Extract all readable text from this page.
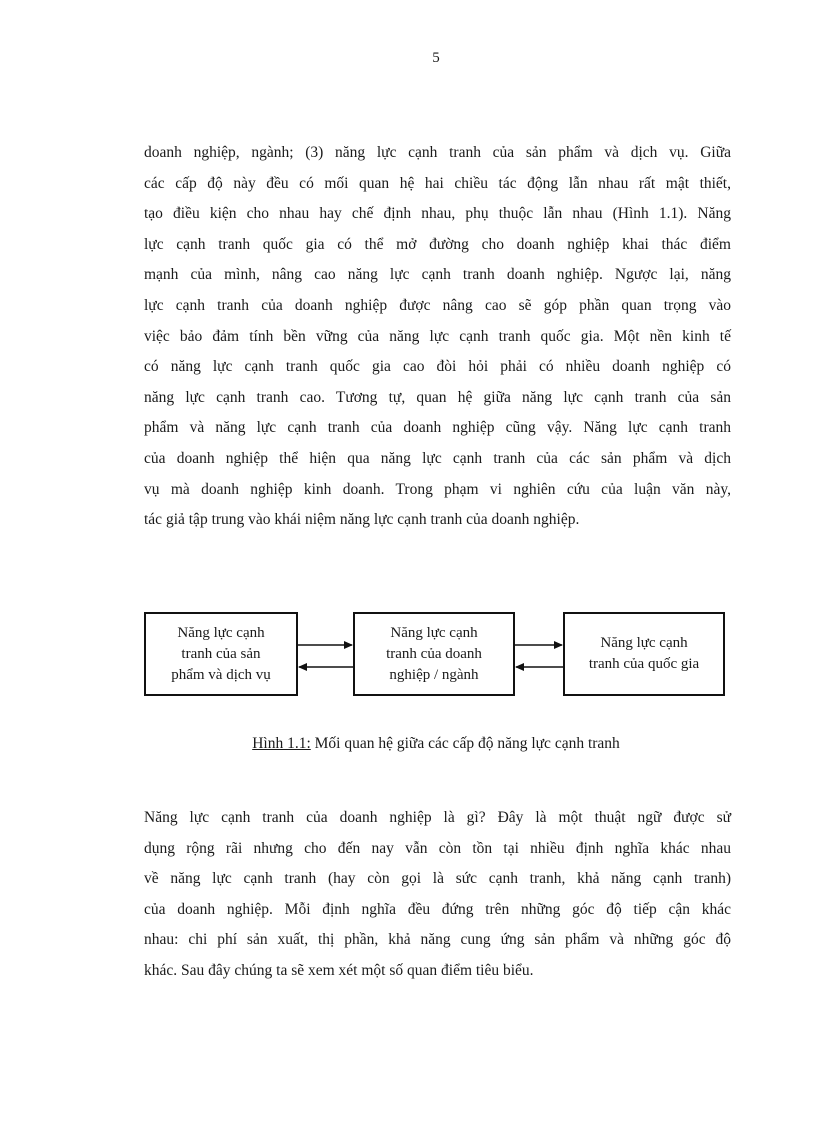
5
doanh nghiệp, ngành; (3) năng lực cạnh tranh của sản phẩm và dịch vụ. Giữa
các cấp độ này đều có mối quan hệ hai chiều tác động lẫn nhau rất mật thiết,
tạo điều kiện cho nhau hay chế định nhau, phụ thuộc lẫn nhau (Hình 1.1). Năng
lực cạnh tranh quốc gia có thể mở đường cho doanh nghiệp khai thác điểm
mạnh của mình, nâng cao năng lực cạnh tranh doanh nghiệp. Ngược lại, năng
lực cạnh tranh của doanh nghiệp được nâng cao sẽ góp phần quan trọng vào
việc bảo đảm tính bền vững của năng lực cạnh tranh quốc gia. Một nền kinh tế
có năng lực cạnh tranh quốc gia cao đòi hỏi phải có nhiều doanh nghiệp có
năng lực cạnh tranh cao. Tương tự, quan hệ giữa năng lực cạnh tranh của sản
phẩm và năng lực cạnh tranh của doanh nghiệp cũng vậy. Năng lực cạnh tranh
của doanh nghiệp thể hiện qua năng lực cạnh tranh của các sản phẩm và dịch
vụ mà doanh nghiệp kinh doanh. Trong phạm vi nghiên cứu của luận văn này,
tác giả tập trung vào khái niệm năng lực cạnh tranh của doanh nghiệp.
Năng lực cạnh
tranh của sản
phẩm và dịch vụ
Năng lực cạnh
tranh của doanh
nghiệp / ngành
Năng lực cạnh
tranh của quốc gia
Hình 1.1: Mối quan hệ giữa các cấp độ năng lực cạnh tranh
Năng lực cạnh tranh của doanh nghiệp là gì? Đây là một thuật ngữ được sử
dụng rộng rãi nhưng cho đến nay vẫn còn tồn tại nhiều định nghĩa khác nhau
về năng lực cạnh tranh (hay còn gọi là sức cạnh tranh, khả năng cạnh tranh)
của doanh nghiệp. Mỗi định nghĩa đều đứng trên những góc độ tiếp cận khác
nhau: chi phí sản xuất, thị phần, khả năng cung ứng sản phẩm và những góc độ
khác. Sau đây chúng ta sẽ xem xét một số quan điểm tiêu biểu.
